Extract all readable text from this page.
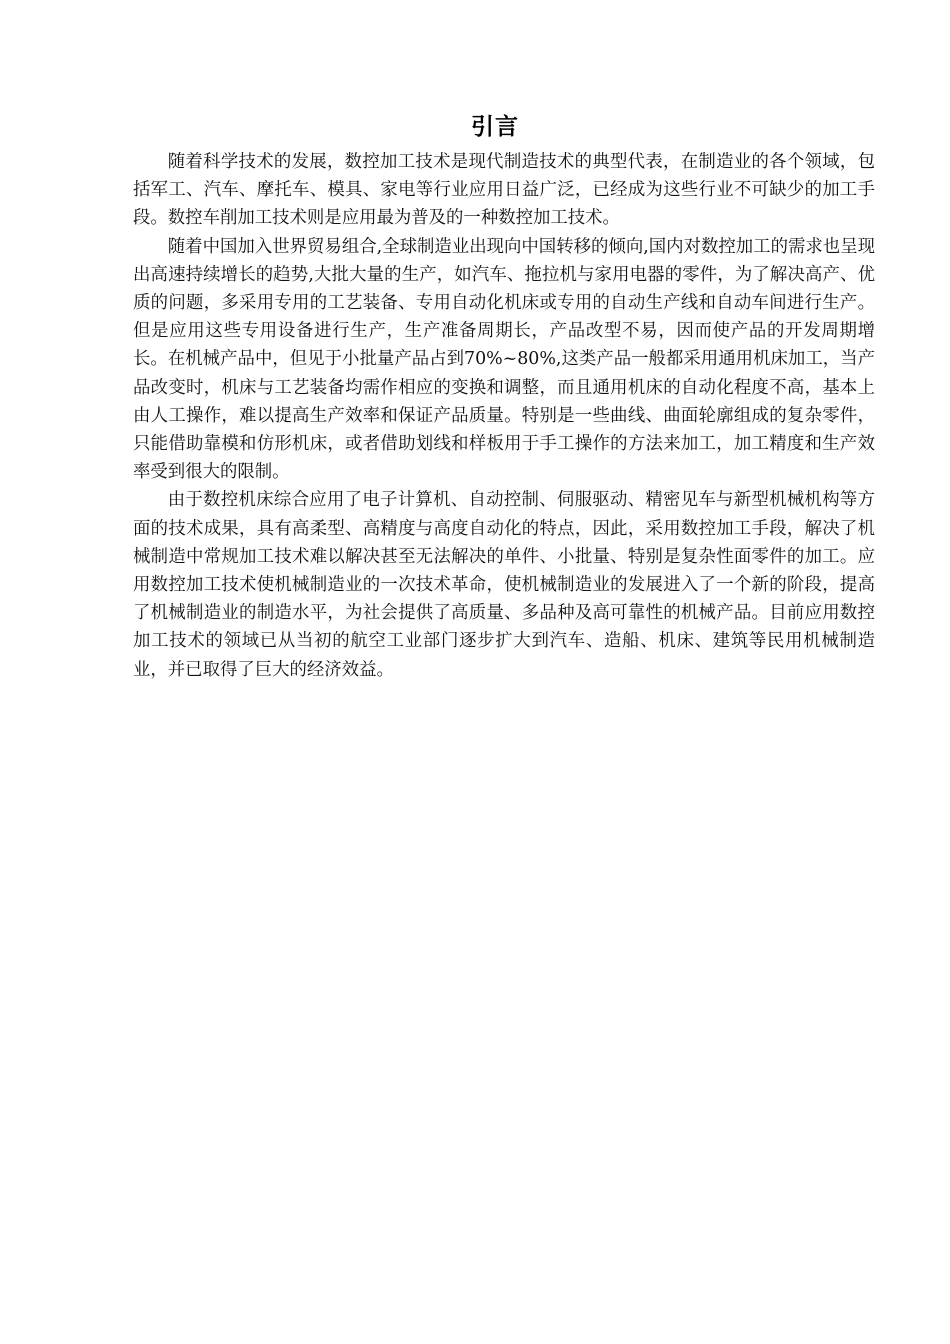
引言

随着科学技术的发展，数控加工技术是现代制造技术的典型代表，在制造业的各个领域，包括军工、汽车、摩托车、模具、家电等行业应用日益广泛，已经成为这些行业不可缺少的加工手段。数控车削加工技术则是应用最为普及的一种数控加工技术。

随着中国加入世界贸易组合,全球制造业出现向中国转移的倾向,国内对数控加工的需求也呈现出高速持续增长的趋势,大批大量的生产，如汽车、拖拉机与家用电器的零件，为了解决高产、优质的问题，多采用专用的工艺装备、专用自动化机床或专用的自动生产线和自动车间进行生产。但是应用这些专用设备进行生产，生产准备周期长，产品改型不易，因而使产品的开发周期增长。在机械产品中，但见于小批量产品占到70%~80%,这类产品一般都采用通用机床加工，当产品改变时，机床与工艺装备均需作相应的变换和调整，而且通用机床的自动化程度不高，基本上由人工操作，难以提高生产效率和保证产品质量。特别是一些曲线、曲面轮廓组成的复杂零件，只能借助靠模和仿形机床，或者借助划线和样板用于手工操作的方法来加工，加工精度和生产效率受到很大的限制。

由于数控机床综合应用了电子计算机、自动控制、伺服驱动、精密见车与新型机械机构等方面的技术成果，具有高柔型、高精度与高度自动化的特点，因此，采用数控加工手段，解决了机械制造中常规加工技术难以解决甚至无法解决的单件、小批量、特别是复杂性面零件的加工。应用数控加工技术使机械制造业的一次技术革命，使机械制造业的发展进入了一个新的阶段，提高了机械制造业的制造水平，为社会提供了高质量、多品种及高可靠性的机械产品。目前应用数控加工技术的领域已从当初的航空工业部门逐步扩大到汽车、造船、机床、建筑等民用机械制造业，并已取得了巨大的经济效益。
